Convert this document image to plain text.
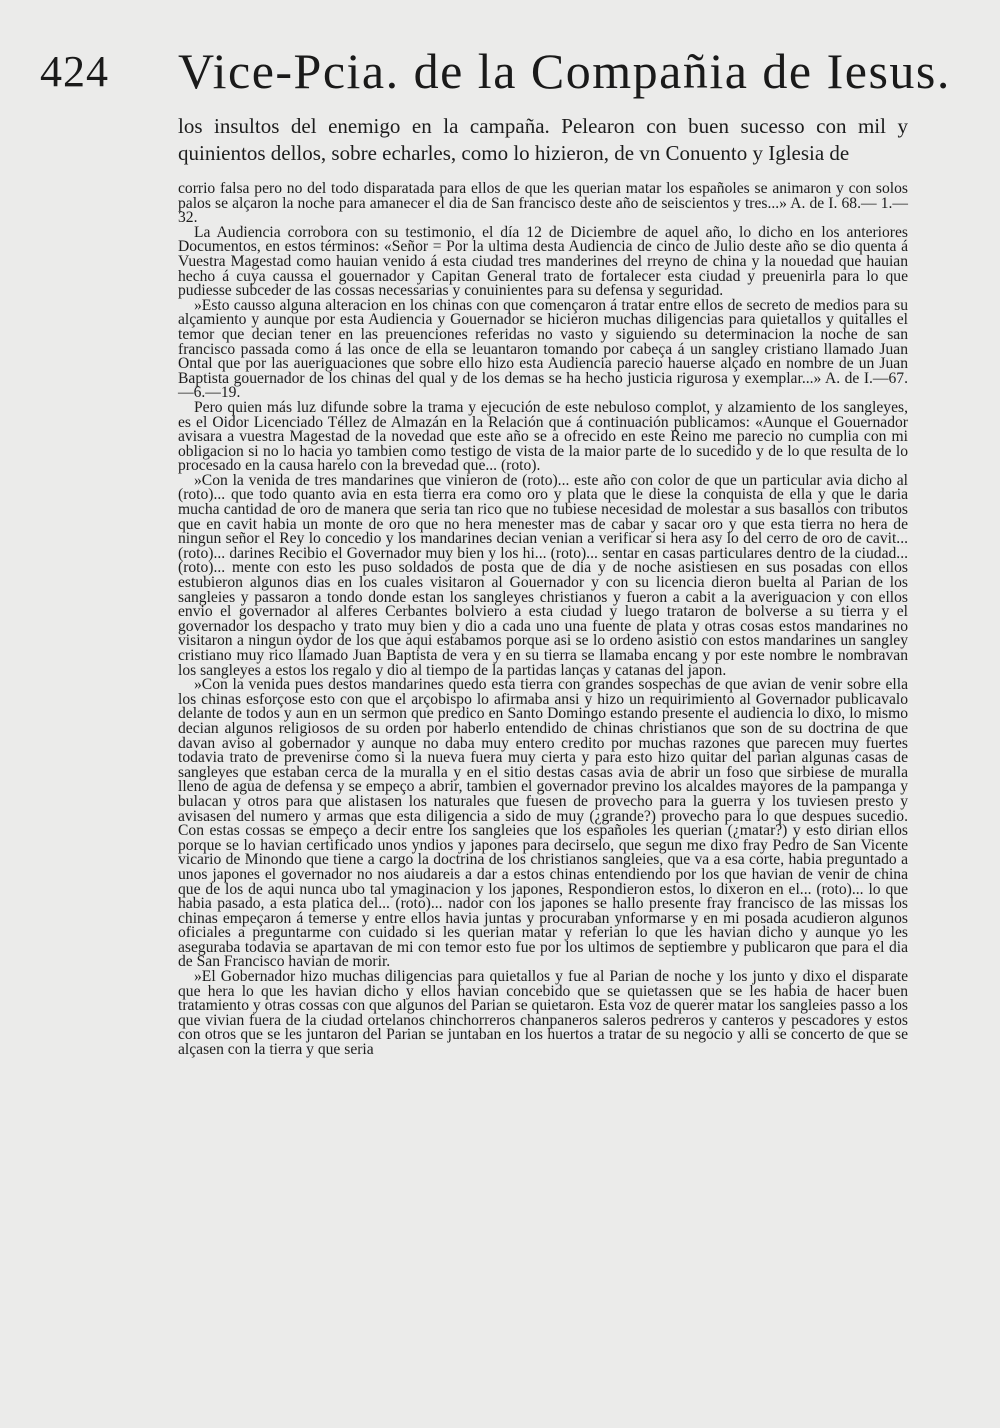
424 Vice-Pcia. de la Compañia de Iesus.

los insultos del enemigo en la campaña. Pelearon con buen sucesso con mil y quinientos dellos, sobre echarles, como lo hizieron, de vn Conuento y Iglesia de

corrio falsa pero no del todo disparatada para ellos de que les querian matar los españoles se animaron y con solos palos se alçaron la noche para amanecer el dia de San francisco deste año de seiscientos y tres...» A. de I. 68.— 1.— 32.

La Audiencia corrobora con su testimonio, el día 12 de Diciembre de aquel año, lo dicho en los anteriores Documentos, en estos términos: «Señor = Por la ultima desta Audiencia de cinco de Julio deste año se dio quenta á Vuestra Magestad como hauian venido á esta ciudad tres manderines del rreyno de china y la nouedad que hauian hecho á cuya caussa el gouernador y Capitan General trato de fortalecer esta ciudad y preuenirla para lo que pudiesse subceder de las cossas necessarias y conuinientes para su defensa y seguridad.

»Esto causso alguna alteracion en los chinas con que començaron á tratar entre ellos de secreto de medios para su alçamiento y aunque por esta Audiencia y Gouernador se hicieron muchas diligencias para quietallos y quitalles el temor que decian tener en las preuenciones referidas no vasto y siguiendo su determinacion la noche de san francisco passada como á las once de ella se leuantaron tomando por cabeça á un sangley cristiano llamado Juan Ontal que por las aueriguaciones que sobre ello hizo esta Audiencia parecio hauerse alçado en nombre de un Juan Baptista gouernador de los chinas del qual y de los demas se ha hecho justicia rigurosa y exemplar...» A. de I.—67.—6.—19.

Pero quien más luz difunde sobre la trama y ejecución de este nebuloso complot, y alzamiento de los sangleyes, es el Oidor Licenciado Téllez de Almazán en la Relación que á continuación publicamos: «Aunque el Gouernador avisara a vuestra Magestad de la novedad que este año se a ofrecido en este Reino me parecio no cumplia con mi obligacion si no lo hacia yo tambien como testigo de vista de la maior parte de lo sucedido y de lo que resulta de lo procesado en la causa harelo con la brevedad que... (roto).

»Con la venida de tres mandarines que vinieron de (roto)... este año con color de que un particular avia dicho al (roto)... que todo quanto avia en esta tierra era como oro y plata que le diese la conquista de ella y que le daria mucha cantidad de oro de manera que seria tan rico que no tubiese necesidad de molestar a sus basallos con tributos que en cavit habia un monte de oro que no hera menester mas de cabar y sacar oro y que esta tierra no hera de ningun señor el Rey lo concedio y los mandarines decian venian a verificar si hera asy lo del cerro de oro de cavit... (roto)... darines Recibio el Governador muy bien y los hi... (roto)... sentar en casas particulares dentro de la ciudad... (roto)... mente con esto les puso soldados de posta que de dia y de noche asistiesen en sus posadas con ellos estubieron algunos dias en los cuales visitaron al Gouernador y con su licencia dieron buelta al Parian de los sangleies y passaron a tondo donde estan los sangleyes christianos y fueron a cabit a la averiguacion y con ellos envio el governador al alferes Cerbantes bolviero a esta ciudad y luego trataron de bolverse a su tierra y el governador los despacho y trato muy bien y dio a cada uno una fuente de plata y otras cosas estos mandarines no visitaron a ningun oydor de los que aqui estabamos porque asi se lo ordeno asistio con estos mandarines un sangley cristiano muy rico llamado Juan Baptista de vera y en su tierra se llamaba encang y por este nombre le nombravan los sangleyes a estos los regalo y dio al tiempo de la partidas lanças y catanas del japon.

»Con la venida pues destos mandarines quedo esta tierra con grandes sospechas de que avian de venir sobre ella los chinas esforçose esto con que el arçobispo lo afirmaba ansi y hizo un requirimiento al Governador publicavalo delante de todos y aun en un sermon que predico en Santo Domingo estando presente el audiencia lo dixo, lo mismo decian algunos religiosos de su orden por haberlo entendido de chinas christianos que son de su doctrina de que davan aviso al gobernador y aunque no daba muy entero credito por muchas razones que parecen muy fuertes todavia trato de prevenirse como si la nueva fuera muy cierta y para esto hizo quitar del parian algunas casas de sangleyes que estaban cerca de la muralla y en el sitio destas casas avia de abrir un foso que sirbiese de muralla lleno de agua de defensa y se empeço a abrir, tambien el governador previno los alcaldes mayores de la pampanga y bulacan y otros para que alistasen los naturales que fuesen de provecho para la guerra y los tuviesen presto y avisasen del numero y armas que esta diligencia a sido de muy (¿grande?) provecho para lo que despues sucedio. Con estas cossas se empeço a decir entre los sangleies que los españoles les querian (¿matar?) y esto dirian ellos porque se lo havian certificado unos yndios y japones para decirselo, que segun me dixo fray Pedro de San Vicente vicario de Minondo que tiene a cargo la doctrina de los christianos sangleies, que va a esa corte, habia preguntado a unos japones el governador no nos aiudareis a dar a estos chinas entendiendo por los que havian de venir de china que de los de aqui nunca ubo tal ymaginacion y los japones, Respondieron estos, lo dixeron en el... (roto)... lo que habia pasado, a esta platica del... (roto)... nador con los japones se hallo presente fray francisco de las missas los chinas empeçaron á temerse y entre ellos havia juntas y procuraban ynformarse y en mi posada acudieron algunos oficiales a preguntarme con cuidado si les querian matar y referian lo que les havian dicho y aunque yo les aseguraba todavia se apartavan de mi con temor esto fue por los ultimos de septiembre y publicaron que para el dia de San Francisco havian de morir.

»El Gobernador hizo muchas diligencias para quietallos y fue al Parian de noche y los junto y dixo el disparate que hera lo que les havian dicho y ellos havian concebido que se quietassen que se les habia de hacer buen tratamiento y otras cossas con que algunos del Parian se quietaron. Esta voz de querer matar los sangleies passo a los que vivian fuera de la ciudad ortelanos chinchorreros chanpaneros saleros pedreros y canteros y pescadores y estos con otros que se les juntaron del Parian se juntaban en los huertos a tratar de su negocio y alli se concerto de que se alçasen con la tierra y que seria
